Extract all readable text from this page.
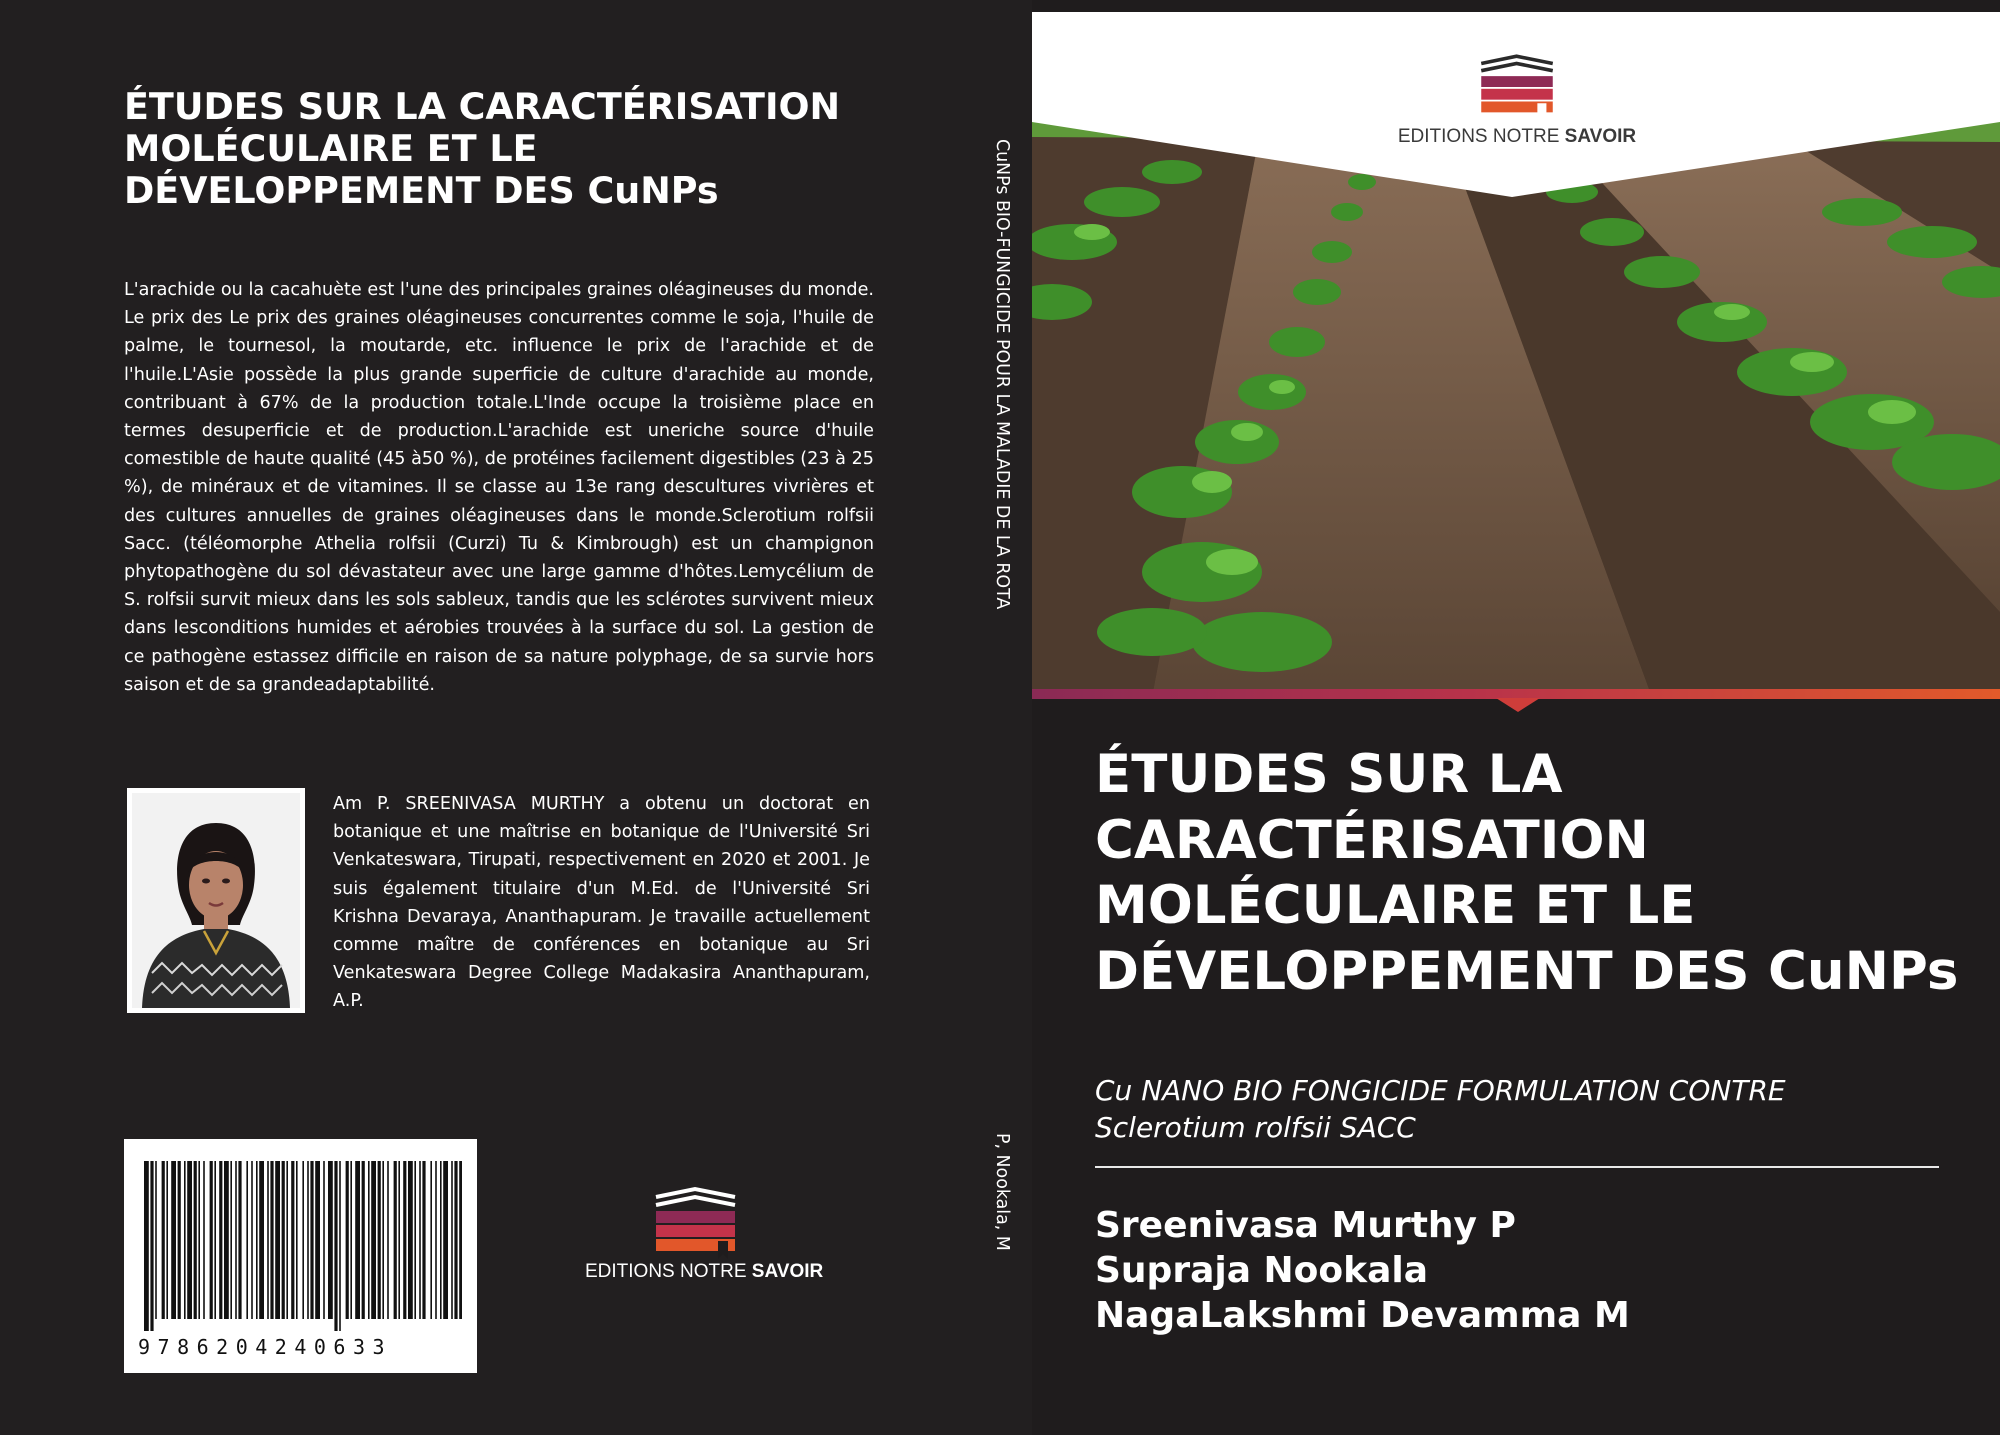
ÉTUDES SUR LA CARACTÉRISATION MOLÉCULAIRE ET LE DÉVELOPPEMENT DES CuNPs

L'arachide ou la cacahuète est l'une des principales graines oléagineuses du monde. Le prix des Le prix des graines oléagineuses concurrentes comme le soja, l'huile de palme, le tournesol, la moutarde, etc. influence le prix de l'arachide et de l'huile.L'Asie possède la plus grande superficie de culture d'arachide au monde, contribuant à 67% de la production totale.L'Inde occupe la troisième place en termes desuperficie et de production.L'arachide est uneriche source d'huile comestible de haute qualité (45 à50 %), de protéines facilement digestibles (23 à 25 %), de minéraux et de vitamines. Il se classe au 13e rang descultures vivrières et des cultures annuelles de graines oléagineuses dans le monde.Sclerotium rolfsii Sacc. (téléomorphe Athelia rolfsii (Curzi) Tu & Kimbrough) est un champignon phytopathogène du sol dévastateur avec une large gamme d'hôtes.Lemycélium de S. rolfsii survit mieux dans les sols sableux, tandis que les sclérotes survivent mieux dans lesconditions humides et aérobies trouvées à la surface du sol. La gestion de ce pathogène estassez difficile en raison de sa nature polyphage, de sa survie hors saison et de sa grandeadaptabilité.

Am P. SREENIVASA MURTHY a obtenu un doctorat en botanique et une maîtrise en botanique de l'Université Sri Venkateswara, Tirupati, respectivement en 2020 et 2001. Je suis également titulaire d'un M.Ed. de l'Université Sri Krishna Devaraya, Ananthapuram. Je travaille actuellement comme maître de conférences en botanique au Sri Venkateswara Degree College Madakasira Ananthapuram, A.P.

9786204240633
EDITIONS NOTRE SAVOIR
CuNPs BIO-FUNGICIDE POUR LA MALADIE DE LA ROTA
P, Nookala, M
EDITIONS NOTRE SAVOIR
ÉTUDES SUR LA CARACTÉRISATION MOLÉCULAIRE ET LE DÉVELOPPEMENT DES CuNPs

Cu NANO BIO FONGICIDE FORMULATION CONTRE
Sclerotium rolfsii SACC

Sreenivasa Murthy P
Supraja Nookala
NagaLakshmi Devamma M
